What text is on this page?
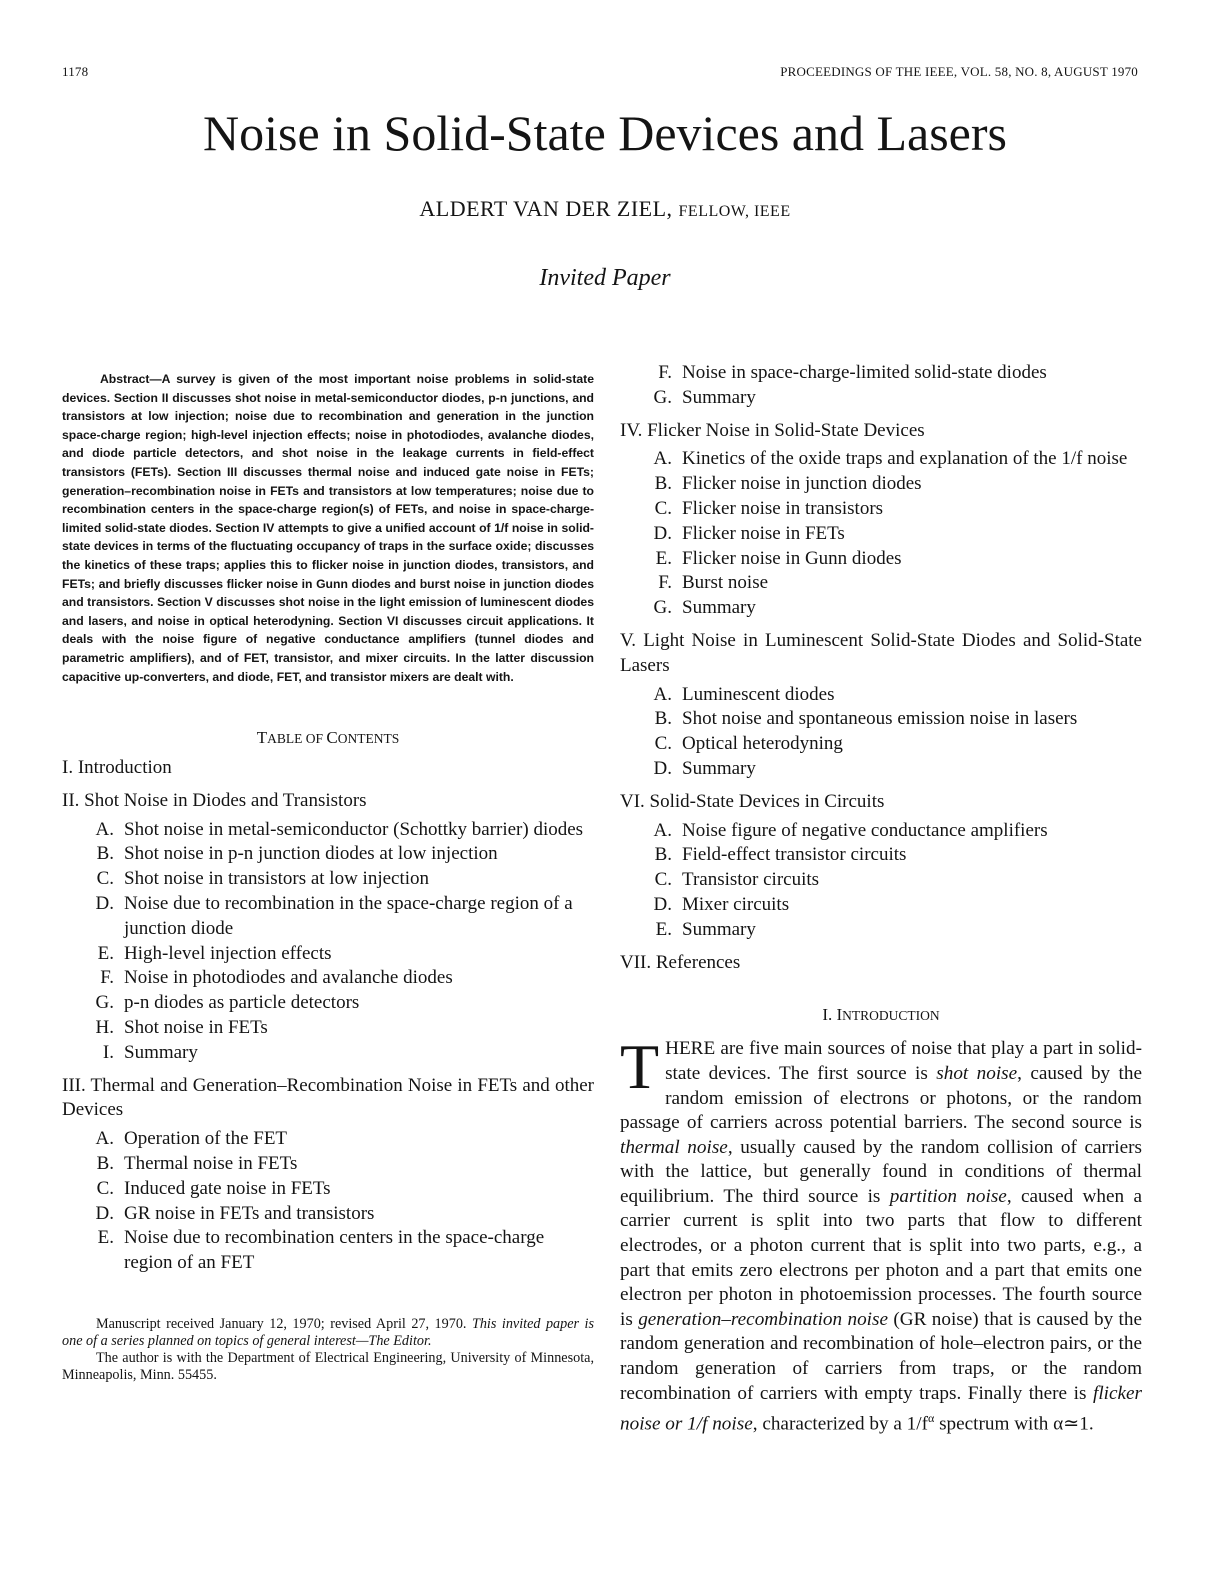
1178	PROCEEDINGS OF THE IEEE, VOL. 58, NO. 8, AUGUST 1970
Noise in Solid-State Devices and Lasers
ALDERT VAN DER ZIEL, FELLOW, IEEE
Invited Paper

Abstract—A survey is given of the most important noise problems in solid-state devices. Section II discusses shot noise in metal-semiconductor diodes, p-n junctions, and transistors at low injection; noise due to recombination and generation in the junction space-charge region; high-level injection effects; noise in photodiodes, avalanche diodes, and diode particle detectors, and shot noise in the leakage currents in field-effect transistors (FETs). Section III discusses thermal noise and induced gate noise in FETs; generation–recombination noise in FETs and transistors at low temperatures; noise due to recombination centers in the space-charge region(s) of FETs, and noise in space-charge-limited solid-state diodes. Section IV attempts to give a unified account of 1/f noise in solid-state devices in terms of the fluctuating occupancy of traps in the surface oxide; discusses the kinetics of these traps; applies this to flicker noise in junction diodes, transistors, and FETs; and briefly discusses flicker noise in Gunn diodes and burst noise in junction diodes and transistors. Section V discusses shot noise in the light emission of luminescent diodes and lasers, and noise in optical heterodyning. Section VI discusses circuit applications. It deals with the noise figure of negative conductance amplifiers (tunnel diodes and parametric amplifiers), and of FET, transistor, and mixer circuits. In the latter discussion capacitive up-converters, and diode, FET, and transistor mixers are dealt with.

TABLE OF CONTENTS
I. Introduction
II. Shot Noise in Diodes and Transistors
A. Shot noise in metal-semiconductor (Schottky barrier) diodes
B. Shot noise in p-n junction diodes at low injection
C. Shot noise in transistors at low injection
D. Noise due to recombination in the space-charge region of a junction diode
E. High-level injection effects
F. Noise in photodiodes and avalanche diodes
G. p-n diodes as particle detectors
H. Shot noise in FETs
I. Summary
III. Thermal and Generation–Recombination Noise in FETs and other Devices
A. Operation of the FET
B. Thermal noise in FETs
C. Induced gate noise in FETs
D. GR noise in FETs and transistors
E. Noise due to recombination centers in the space-charge region of an FET

Manuscript received January 12, 1970; revised April 27, 1970. This invited paper is one of a series planned on topics of general interest—The Editor.

The author is with the Department of Electrical Engineering, University of Minnesota, Minneapolis, Minn. 55455.

F. Noise in space-charge-limited solid-state diodes
G. Summary
IV. Flicker Noise in Solid-State Devices
A. Kinetics of the oxide traps and explanation of the 1/f noise
B. Flicker noise in junction diodes
C. Flicker noise in transistors
D. Flicker noise in FETs
E. Flicker noise in Gunn diodes
F. Burst noise
G. Summary
V. Light Noise in Luminescent Solid-State Diodes and Solid-State Lasers
A. Luminescent diodes
B. Shot noise and spontaneous emission noise in lasers
C. Optical heterodyning
D. Summary
VI. Solid-State Devices in Circuits
A. Noise figure of negative conductance amplifiers
B. Field-effect transistor circuits
C. Transistor circuits
D. Mixer circuits
E. Summary
VII. References
I. INTRODUCTION

THERE are five main sources of noise that play a part in solid-state devices. The first source is shot noise, caused by the random emission of electrons or photons, or the random passage of carriers across potential barriers. The second source is thermal noise, usually caused by the random collision of carriers with the lattice, but generally found in conditions of thermal equilibrium. The third source is partition noise, caused when a carrier current is split into two parts that flow to different electrodes, or a photon current that is split into two parts, e.g., a part that emits zero electrons per photon and a part that emits one electron per photon in photoemission processes. The fourth source is generation–recombination noise (GR noise) that is caused by the random generation and recombination of hole–electron pairs, or the random generation of carriers from traps, or the random recombination of carriers with empty traps. Finally there is flicker noise or 1/f noise, characterized by a $1/f^\alpha$ spectrum with α≃1.
